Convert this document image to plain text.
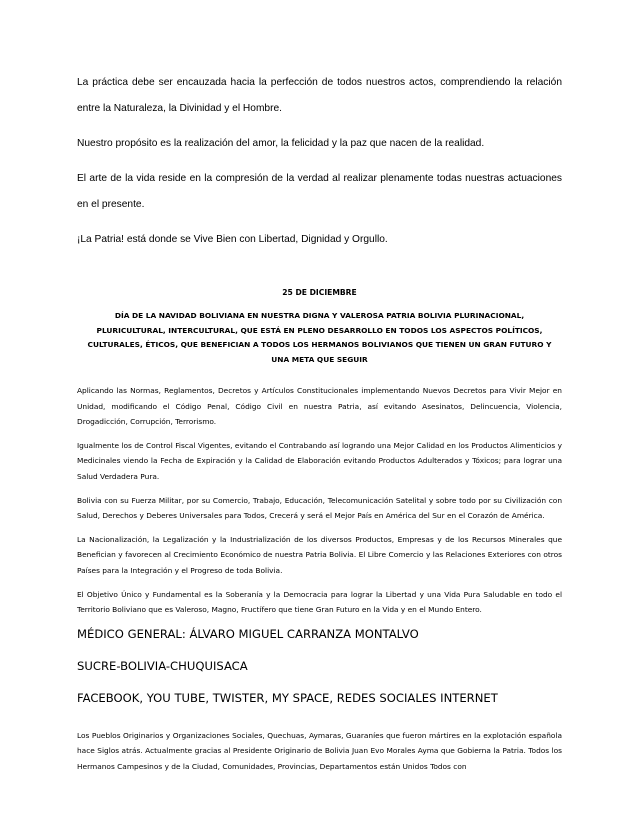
La práctica debe ser encauzada hacia la perfección de todos nuestros actos, comprendiendo la relación entre la Naturaleza, la Divinidad y el Hombre.

Nuestro propósito es la realización del amor, la felicidad y la paz que nacen de la realidad.

El arte de la vida reside en la compresión de la verdad al realizar plenamente todas nuestras actuaciones en el presente.

¡La Patria! está donde se Vive Bien con Libertad, Dignidad y Orgullo.

25 DE DICIEMBRE
DÍA DE LA NAVIDAD BOLIVIANA EN NUESTRA DIGNA Y VALEROSA PATRIA BOLIVIA PLURINACIONAL, PLURICULTURAL, INTERCULTURAL, QUE ESTÁ EN PLENO DESARROLLO EN TODOS LOS ASPECTOS POLÍTICOS, CULTURALES, ÉTICOS, QUE BENEFICIAN A TODOS LOS HERMANOS BOLIVIANOS QUE TIENEN UN GRAN FUTURO Y UNA META QUE SEGUIR

Aplicando las Normas, Reglamentos, Decretos y Artículos Constitucionales implementando Nuevos Decretos para Vivir Mejor en Unidad, modificando el Código Penal, Código Civil en nuestra Patria, así evitando Asesinatos, Delincuencia, Violencia, Drogadicción, Corrupción, Terrorismo.

Igualmente los de Control Fiscal Vigentes, evitando el Contrabando así logrando una Mejor Calidad en los Productos Alimenticios y Medicinales viendo la Fecha de Expiración y la Calidad de Elaboración evitando Productos Adulterados y Tóxicos; para lograr una Salud Verdadera Pura.

Bolivia con su Fuerza Militar, por su Comercio, Trabajo, Educación, Telecomunicación Satelital y sobre todo por su Civilización con Salud, Derechos y Deberes Universales para Todos, Crecerá y será el Mejor País en América del Sur en el Corazón de América.

La Nacionalización, la Legalización y la Industrialización de los diversos Productos, Empresas y de los Recursos Minerales que Benefician y favorecen al Crecimiento Económico de nuestra Patria Bolivia. El Libre Comercio y las Relaciones Exteriores con otros Países para la Integración y el Progreso de toda Bolivia.

El Objetivo Único y Fundamental es la Soberanía y la Democracia para lograr la Libertad y una Vida Pura Saludable en todo el Territorio Boliviano que es Valeroso, Magno, Fructífero que tiene Gran Futuro en la Vida y en el Mundo Entero.

MÉDICO GENERAL: ÁLVARO MIGUEL CARRANZA MONTALVO
SUCRE-BOLIVIA-CHUQUISACA
FACEBOOK, YOU TUBE, TWISTER, MY SPACE, REDES SOCIALES INTERNET

Los Pueblos Originarios y Organizaciones Sociales, Quechuas, Aymaras, Guaraníes que fueron mártires en la explotación española hace Siglos atrás. Actualmente gracias al Presidente Originario de Bolivia Juan Evo Morales Ayma que Gobierna la Patria. Todos los Hermanos Campesinos y de la Ciudad, Comunidades, Provincias, Departamentos están Unidos Todos con
